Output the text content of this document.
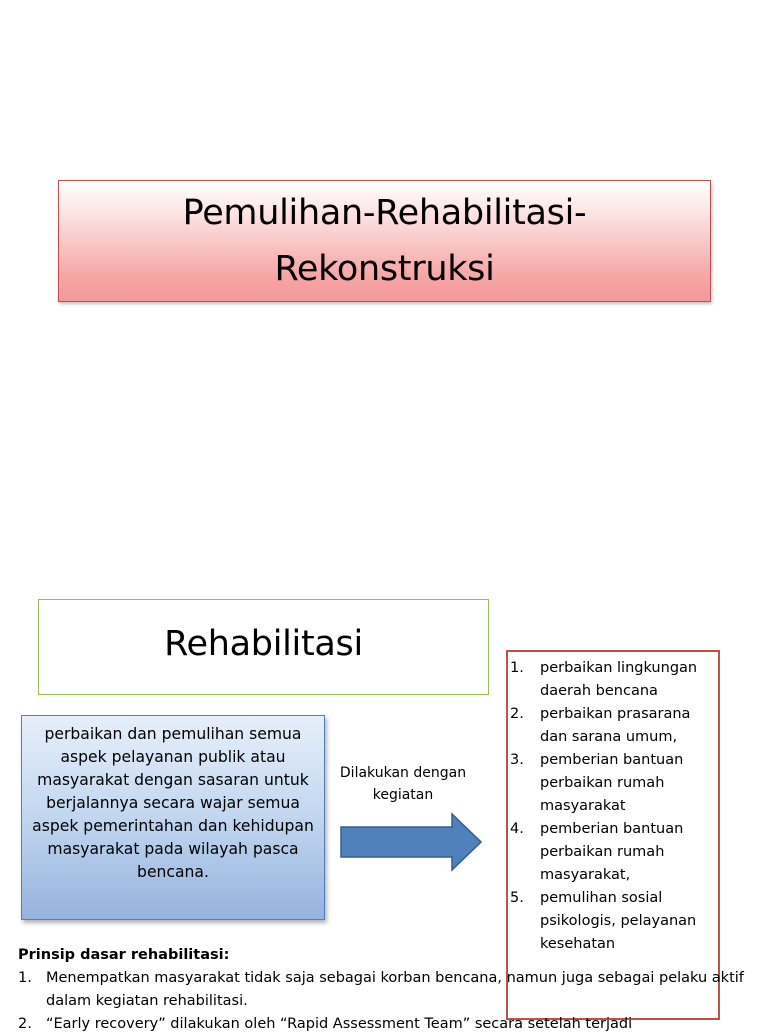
Pemulihan-Rehabilitasi-
Rekonstruksi
Rehabilitasi
perbaikan dan pemulihan semua aspek pelayanan publik atau masyarakat dengan sasaran untuk berjalannya secara wajar semua aspek pemerintahan dan kehidupan masyarakat pada wilayah pasca bencana.
Dilakukan dengan kegiatan
1. perbaikan lingkungan daerah bencana
2. perbaikan prasarana dan sarana umum,
3. pemberian bantuan perbaikan rumah masyarakat
4. pemberian bantuan perbaikan rumah masyarakat,
5. pemulihan sosial psikologis, pelayanan kesehatan
Prinsip dasar rehabilitasi:
1. Menempatkan masyarakat tidak saja sebagai korban bencana, namun juga sebagai pelaku aktif dalam kegiatan rehabilitasi.
2. “Early recovery” dilakukan oleh “Rapid Assessment Team” secara setelah terjadi
